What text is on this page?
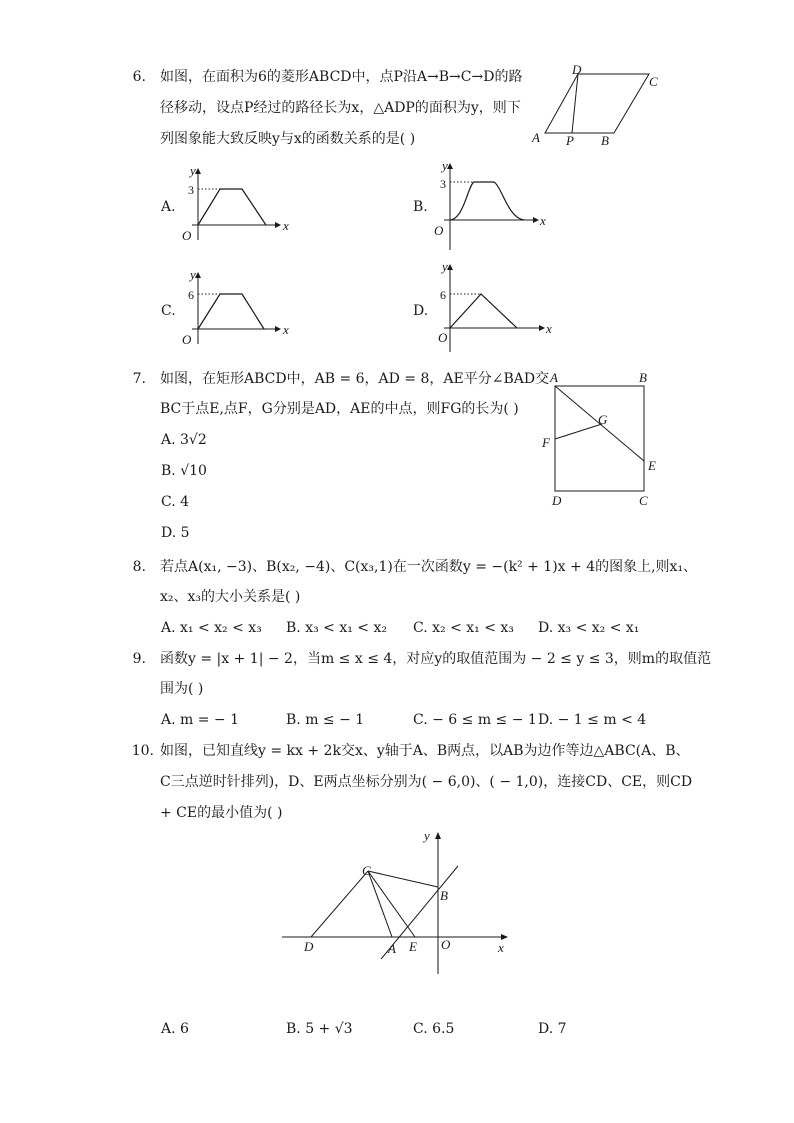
6. 如图，在面积为6的菱形ABCD中，点P沿A→B→C→D的路
径移动，设点P经过的路径长为x，△ADP的面积为y，则下
列图象能大致反映y与x的函数关系的是( )
D
C
A P B
A.
y
3
x
O
B.
y
3
x
O
C.
y
6
x
O
D.
y
6
x
O
7. 如图，在矩形ABCD中，AB = 6，AD = 8，AE平分∠BAD交
BC于点E,点F，G分别是AD，AE的中点，则FG的长为( )
A. 3√2
B. √10
C. 4
D. 5
A	B
D	C
E
F
G
8. 若点A(x₁, −3)、B(x₂, −4)、C(x₃,1)在一次函数y = −(k² + 1)x + 4的图象上,则x₁、
x₂、x₃的大小关系是( )
A. x₁ < x₂ < x₃ B. x₃ < x₁ < x₂ C. x₂ < x₁ < x₃ D. x₃ < x₂ < x₁
9. 函数y = |x + 1| − 2，当m ≤ x ≤ 4，对应y的取值范围为 − 2 ≤ y ≤ 3，则m的取值范
围为( )
A. m = − 1	B. m ≤ − 1	C. − 6 ≤ m ≤ − 1 D. − 1 ≤ m < 4
10. 如图，已知直线y = kx + 2k交x、y轴于A、B两点，以AB为边作等边△ABC(A、B、
C三点逆时针排列)，D、E两点坐标分别为( − 6,0)、( − 1,0)，连接CD、CE，则CD
+ CE的最小值为( )
y
x
C
B
D	A E O
A. 6	B. 5 + √3	C. 6.5	D. 7
